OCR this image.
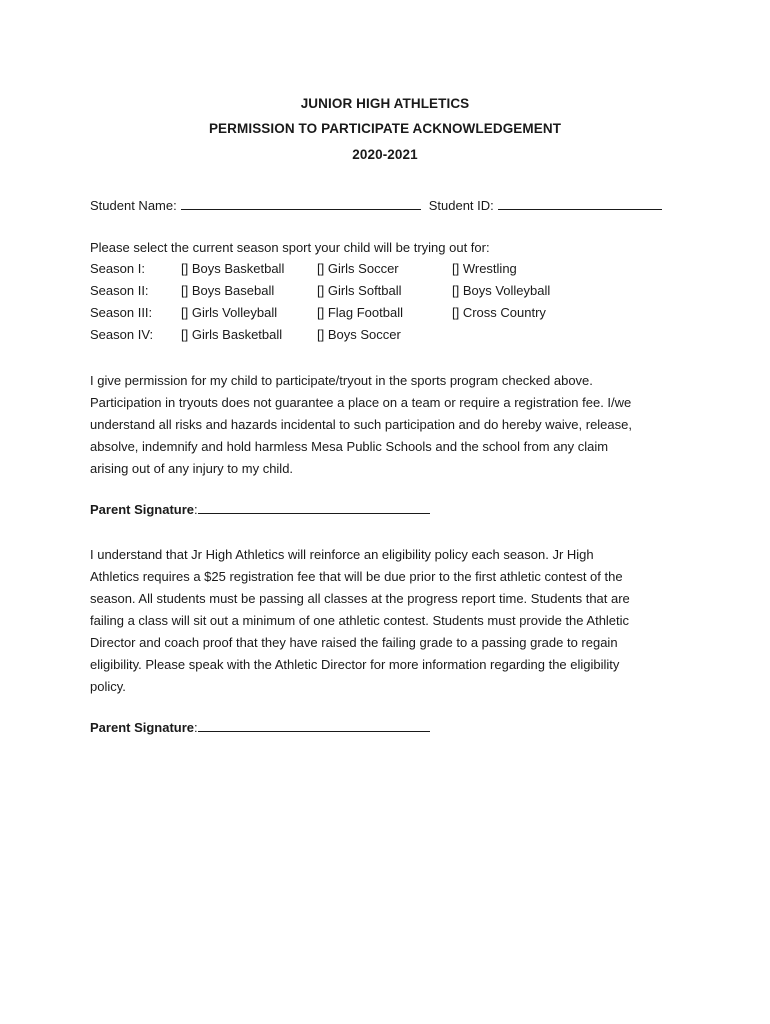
JUNIOR HIGH ATHLETICS
PERMISSION TO PARTICIPATE ACKNOWLEDGEMENT
2020-2021
Student Name:	Student ID:
Please select the current season sport your child will be trying out for:
Season I:	[] Boys Basketball	[] Girls Soccer	[] Wrestling
Season II: [] Boys Baseball	[] Girls Softball	[] Boys Volleyball
Season III: [] Girls Volleyball	[] Flag Football	[] Cross Country
Season IV: [] Girls Basketball	[] Boys Soccer
I give permission for my child to participate/tryout in the sports program checked above.
Participation in tryouts does not guarantee a place on a team or require a registration fee. I/we
understand all risks and hazards incidental to such participation and do hereby waive, release,
absolve, indemnify and hold harmless Mesa Public Schools and the school from any claim
arising out of any injury to my child.
Parent Signature:
I understand that Jr High Athletics will reinforce an eligibility policy each season. Jr High
Athletics requires a $25 registration fee that will be due prior to the first athletic contest of the
season. All students must be passing all classes at the progress report time. Students that are
failing a class will sit out a minimum of one athletic contest. Students must provide the Athletic
Director and coach proof that they have raised the failing grade to a passing grade to regain
eligibility. Please speak with the Athletic Director for more information regarding the eligibility
policy.
Parent Signature:
